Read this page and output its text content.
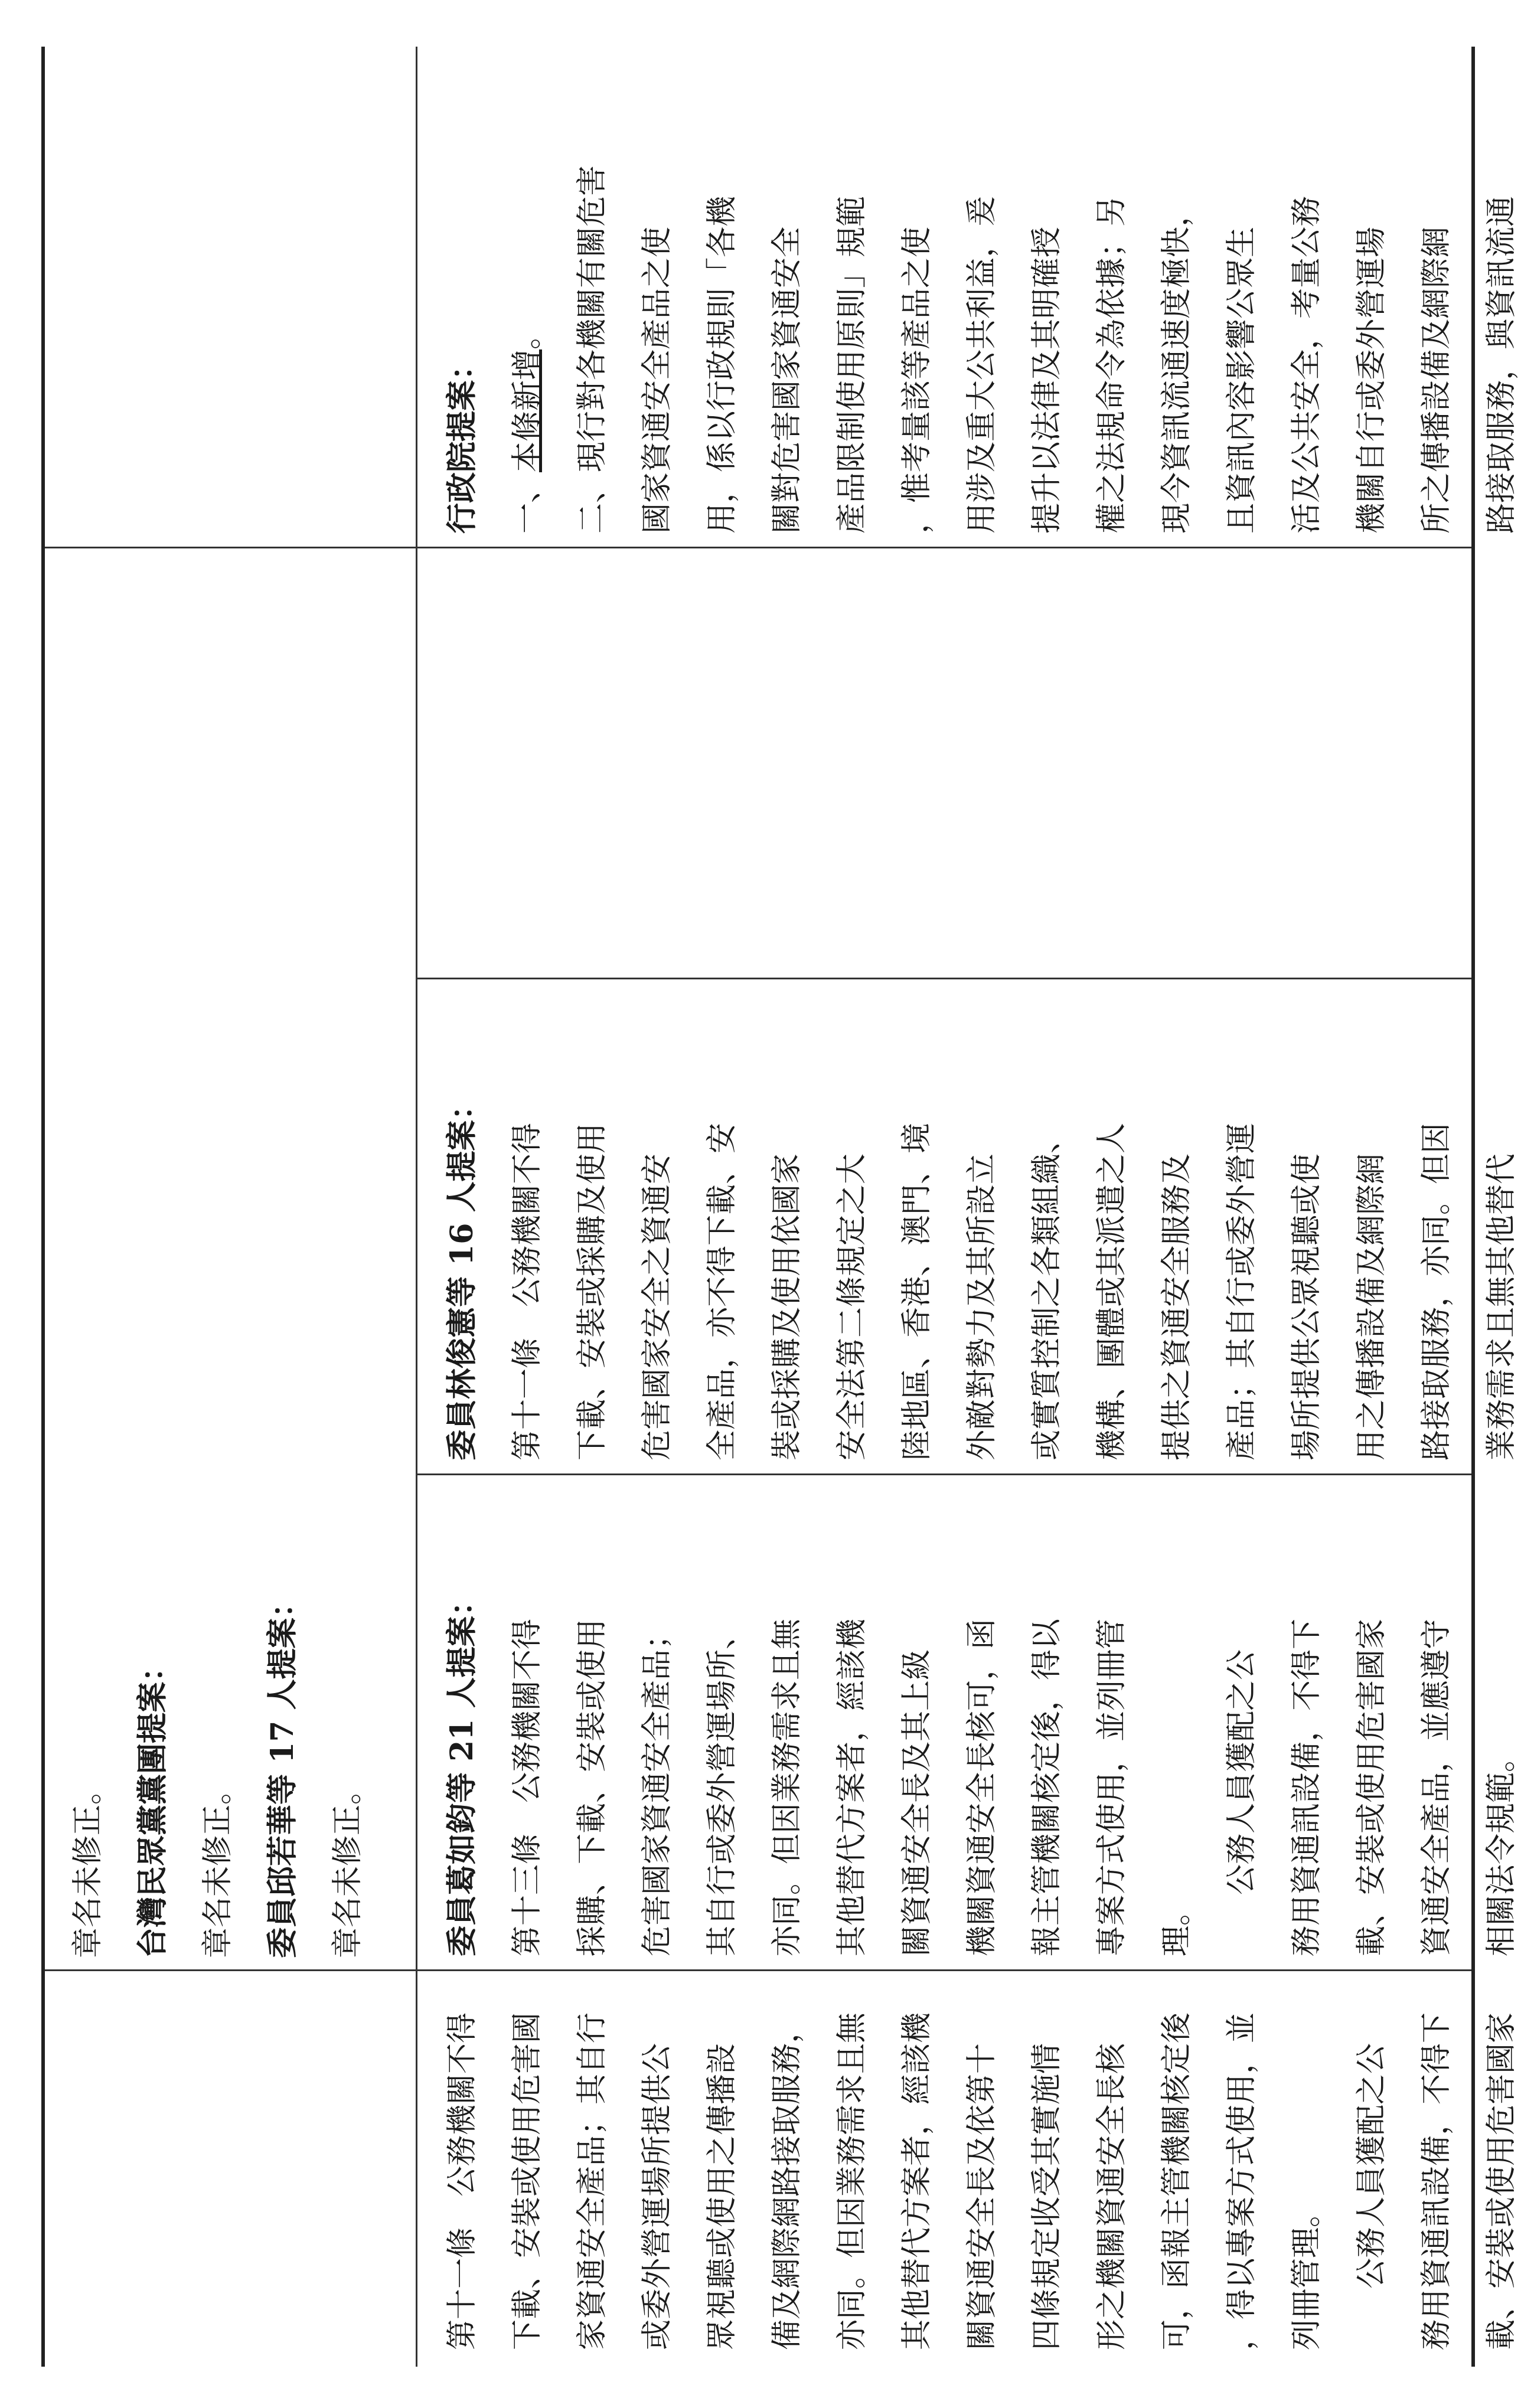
章名未修正。 台灣民眾黨黨團提案： 章名未修正。 委員邱若華等 17 人提案： 章名未修正。

第十一條　公務機關不得 下載、安裝或使用危害國 家資通安全產品；其自行 或委外營運場所提供公 眾視聽或使用之傳播設 備及網際網路接取服務， 亦同。但因業務需求且無 其他替代方案者，經該機 關資通安全長及依第十 四條規定收受其實施情 形之機關資通安全長核 可，函報主管機關核定後 ，得以專案方式使用，並 列冊管理。 　　公務人員獲配之公 務用資通訊設備，不得下 載、安裝或使用危害國家

委員葛如鈞等 21 人提案： 第十三條　公務機關不得 採購、下載、安裝或使用 危害國家資通安全產品； 其自行或委外營運場所、 亦同。但因業務需求且無 其他替代方案者，經該機 關資通安全長及其上級 機關資通安全長核可，函 報主管機關核定後，得以 專案方式使用，並列冊管 理。 　　公務人員獲配之公 務用資通訊設備，不得下 載、安裝或使用危害國家 資通安全產品，並應遵守 相關法令規範。

委員林俊憲等 16 人提案： 第十一條　公務機關不得 下載、安裝或採購及使用 危害國家安全之資通安 全產品，亦不得下載、安 裝或採購及使用依國家 安全法第二條規定之大 陸地區、香港、澳門、境 外敵對勢力及其所設立 或實質控制之各類組織、 機構、團體或其派遣之人 提供之資通安全服務及 產品；其自行或委外營運 場所提供公眾視聽或使 用之傳播設備及網際網 路接取服務，亦同。但因 業務需求且無其他替代

行政院提案： 一、本條新增。 二、現行對各機關有關危害 國家資通安全產品之使 用，係以行政規則「各機 關對危害國家資通安全 產品限制使用原則」規範 ，惟考量該等產品之使 用涉及重大公共利益，爰 提升以法律及其明確授 權之法規命令為依據；另 現今資訊流通速度極快， 且資訊內容影響公眾生 活及公共安全，考量公務 機關自行或委外營運場 所之傳播設備及網際網 路接取服務，與資訊流通
